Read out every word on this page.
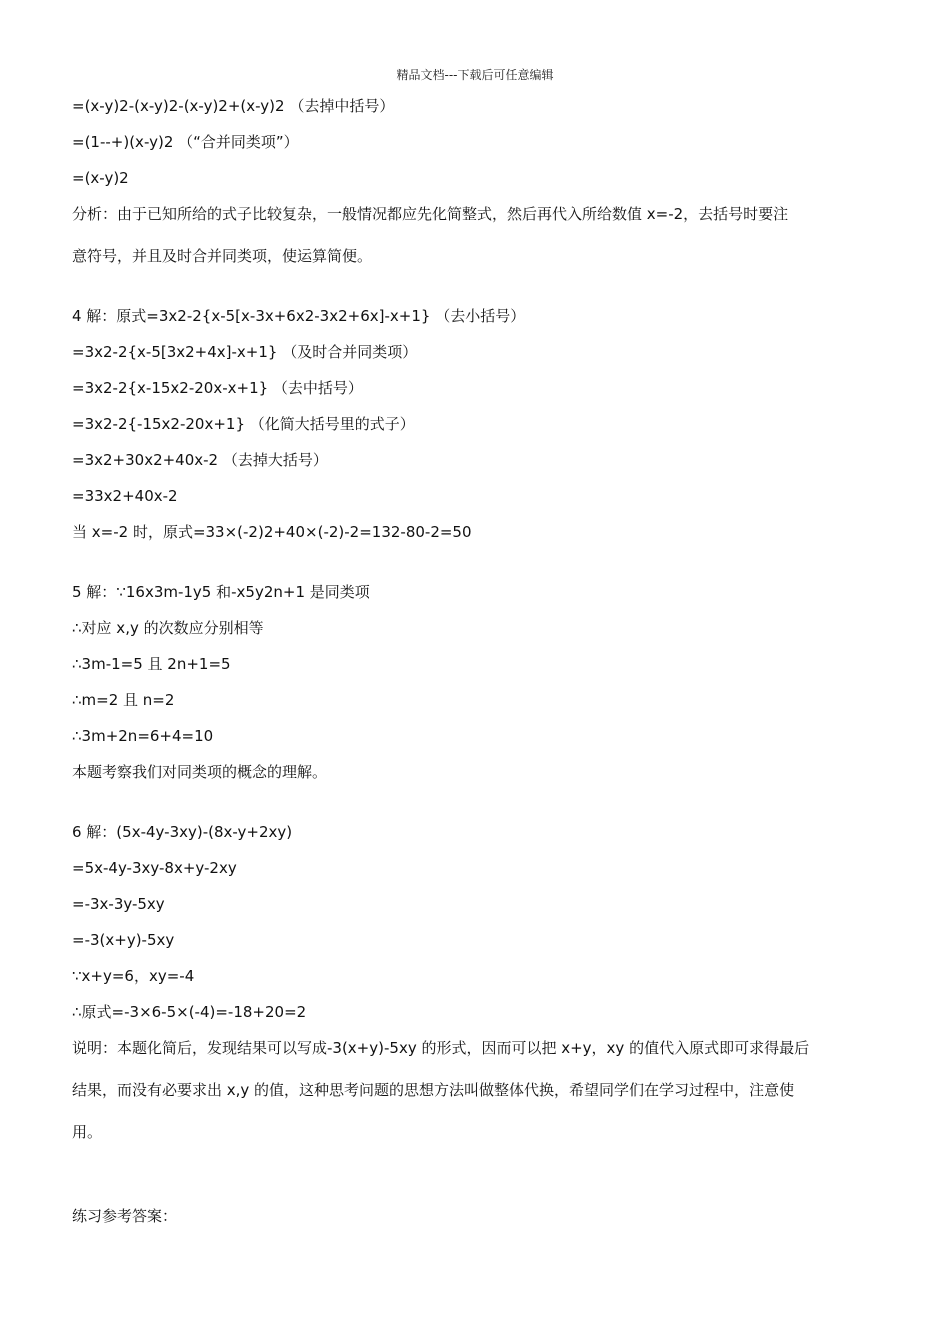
精品文档---下载后可任意编辑
=(x-y)2-(x-y)2-(x-y)2+(x-y)2 （去掉中括号）
=(1--+)(x-y)2 （“合并同类项”）
=(x-y)2
分析：由于已知所给的式子比较复杂，一般情况都应先化简整式，然后再代入所给数值 x=-2，去括号时要注
意符号，并且及时合并同类项，使运算简便。
4 解：原式=3x2-2{x-5[x-3x+6x2-3x2+6x]-x+1} （去小括号）
=3x2-2{x-5[3x2+4x]-x+1} （及时合并同类项）
=3x2-2{x-15x2-20x-x+1} （去中括号）
=3x2-2{-15x2-20x+1} （化简大括号里的式子）
=3x2+30x2+40x-2 （去掉大括号）
=33x2+40x-2
当 x=-2 时，原式=33×(-2)2+40×(-2)-2=132-80-2=50
5 解：∵16x3m-1y5 和-x5y2n+1 是同类项
∴对应 x,y 的次数应分别相等
∴3m-1=5 且 2n+1=5
∴m=2 且 n=2
∴3m+2n=6+4=10
本题考察我们对同类项的概念的理解。
6 解：(5x-4y-3xy)-(8x-y+2xy)
=5x-4y-3xy-8x+y-2xy
=-3x-3y-5xy
=-3(x+y)-5xy
∵x+y=6，xy=-4
∴原式=-3×6-5×(-4)=-18+20=2
说明：本题化简后，发现结果可以写成-3(x+y)-5xy 的形式，因而可以把 x+y，xy 的值代入原式即可求得最后
结果，而没有必要求出 x,y 的值，这种思考问题的思想方法叫做整体代换，希望同学们在学习过程中，注意使
用。
练习参考答案：
